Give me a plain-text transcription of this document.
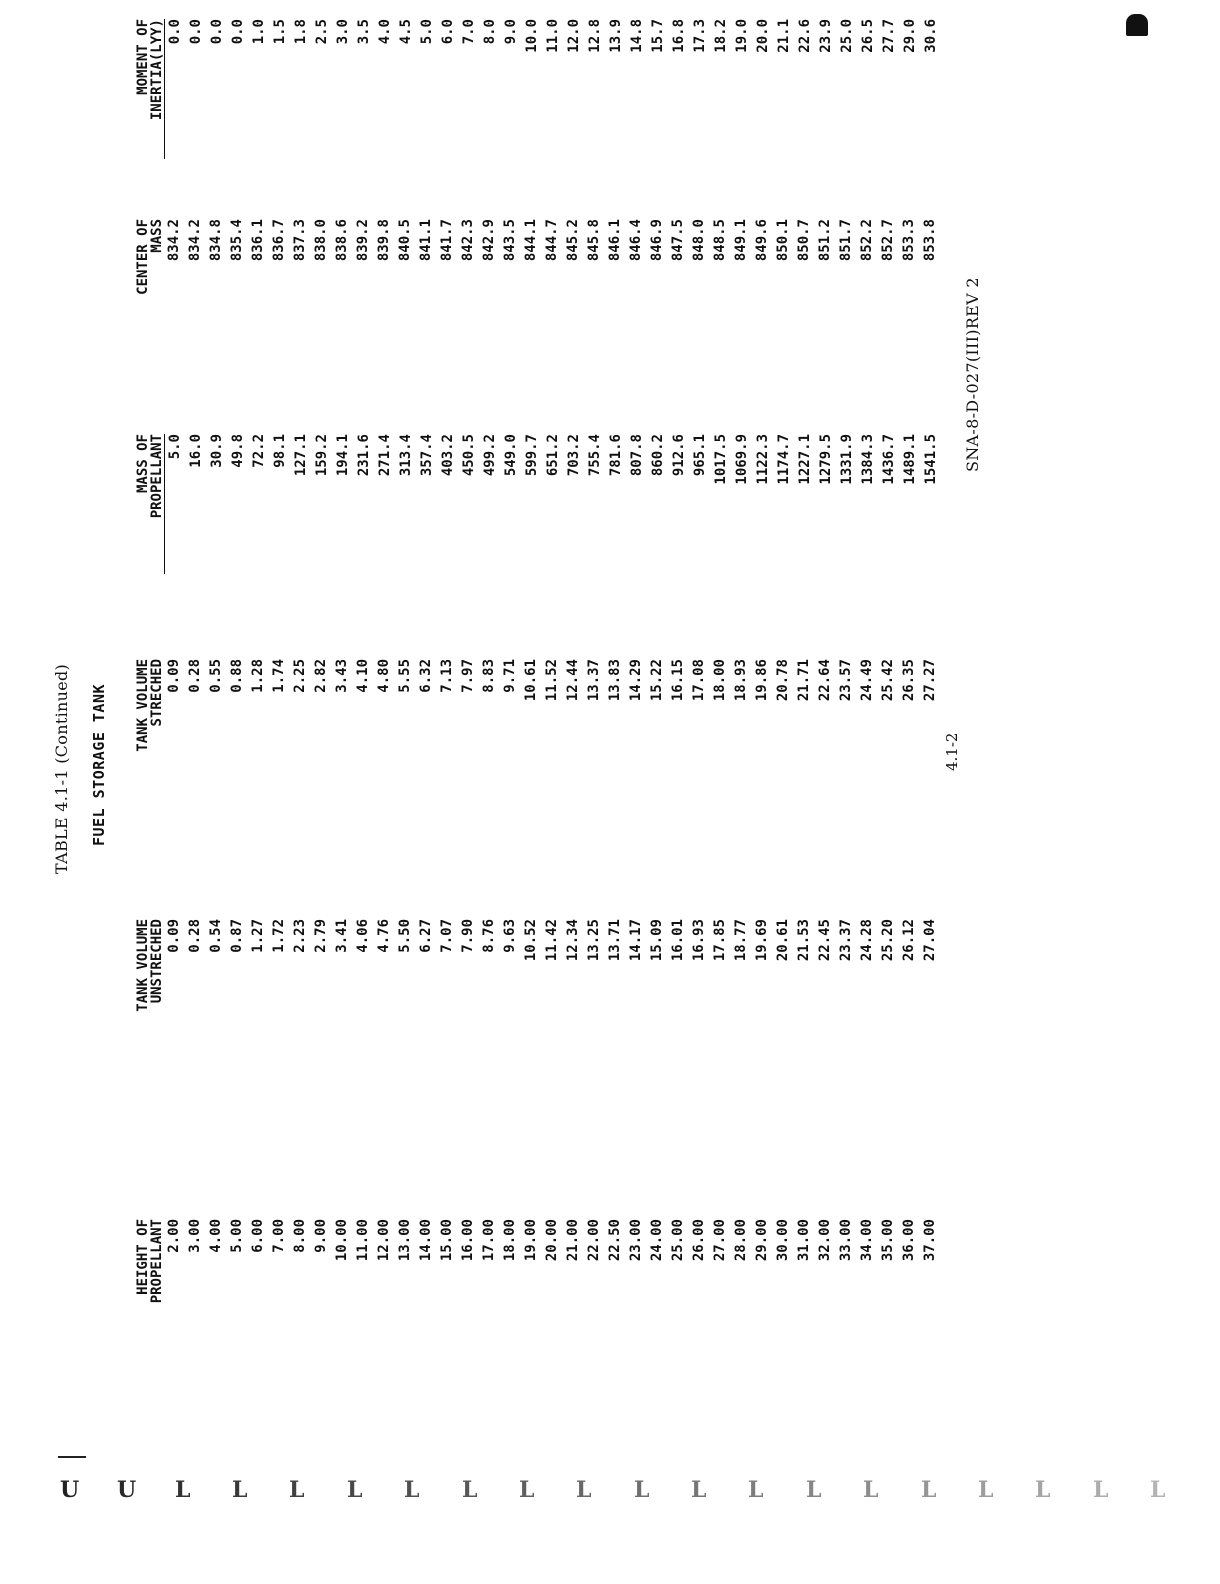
TABLE 4.1-1 (Continued) FUEL STORAGE TANK
HEIGHT OF
PROPELLANT 2.00 3.00 4.00 5.00 6.00 7.00 8.00 9.00 10.00 11.00 12.00 13.00 14.00 15.00 16.00 17.00 18.00 19.00 20.00 21.00 22.00 22.50 23.00 24.00 25.00 26.00 27.00 28.00 29.00 30.00 31.00 32.00 33.00 34.00 35.00 36.00 37.00
TANK VOLUME
UNSTRECHED 0.09 0.28 0.54 0.87 1.27 1.72 2.23 2.79 3.41 4.06 4.76 5.50 6.27 7.07 7.90 8.76 9.63 10.52 11.42 12.34 13.25 13.71 14.17 15.09 16.01 16.93 17.85 18.77 19.69 20.61 21.53 22.45 23.37 24.28 25.20 26.12 27.04
TANK VOLUME
STRECHED 0.09 0.28 0.55 0.88 1.28 1.74 2.25 2.82 3.43 4.10 4.80 5.55 6.32 7.13 7.97 8.83 9.71 10.61 11.52 12.44 13.37 13.83 14.29 15.22 16.15 17.08 18.00 18.93 19.86 20.78 21.71 22.64 23.57 24.49 25.42 26.35 27.27
MASS OF
PROPELLANT 5.0 16.0 30.9 49.8 72.2 98.1 127.1 159.2 194.1 231.6 271.4 313.4 357.4 403.2 450.5 499.2 549.0 599.7 651.2 703.2 755.4 781.6 807.8 860.2 912.6 965.1 1017.5 1069.9 1122.3 1174.7 1227.1 1279.5 1331.9 1384.3 1436.7 1489.1 1541.5
CENTER OF
MASS 834.2 834.2 834.8 835.4 836.1 836.7 837.3 838.0 838.6 839.2 839.8 840.5 841.1 841.7 842.3 842.9 843.5 844.1 844.7 845.2 845.8 846.1 846.4 846.9 847.5 848.0 848.5 849.1 849.6 850.1 850.7 851.2 851.7 852.2 852.7 853.3 853.8
MOMENT OF
INERTIA(LYY) 0.0 0.0 0.0 0.0 1.0 1.5 1.8 2.5 3.0 3.5 4.0 4.5 5.0 6.0 7.0 8.0 9.0 10.0 11.0 12.0 12.8 13.9 14.8 15.7 16.8 17.3 18.2 19.0 20.0 21.1 22.6 23.9 25.0 26.5 27.7 29.0 30.6
4.1-2
SNA-8-D-027(III)REV 2
U U L L L L L L L L L L L L L L L L L L
